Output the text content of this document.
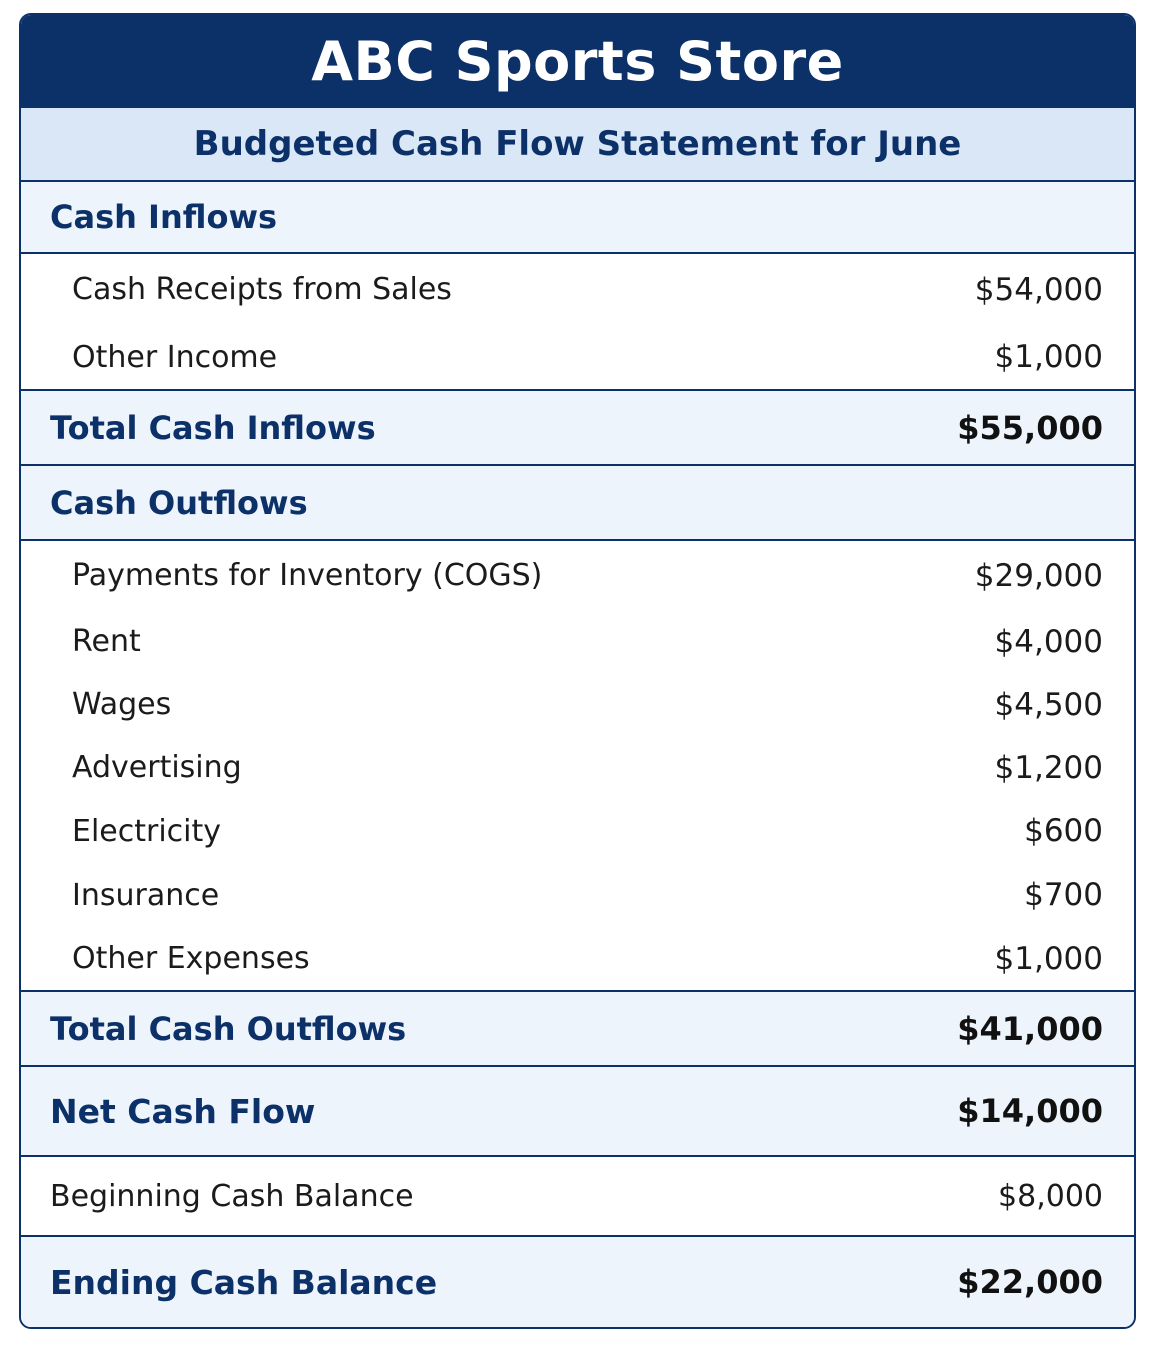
ABC Sports Store
Budgeted Cash Flow Statement for June
Cash Inflows
Cash Receipts from Sales	$54,000
Other Income	$1,000
Total Cash Inflows	$55,000
Cash Outflows
Payments for Inventory (COGS)	$29,000
Rent	$4,000
Wages	$4,500
Advertising	$1,200
Electricity	$600
Insurance	$700
Other Expenses	$1,000
Total Cash Outflows	$41,000
Net Cash Flow	$14,000
Beginning Cash Balance	$8,000
Ending Cash Balance	$22,000
